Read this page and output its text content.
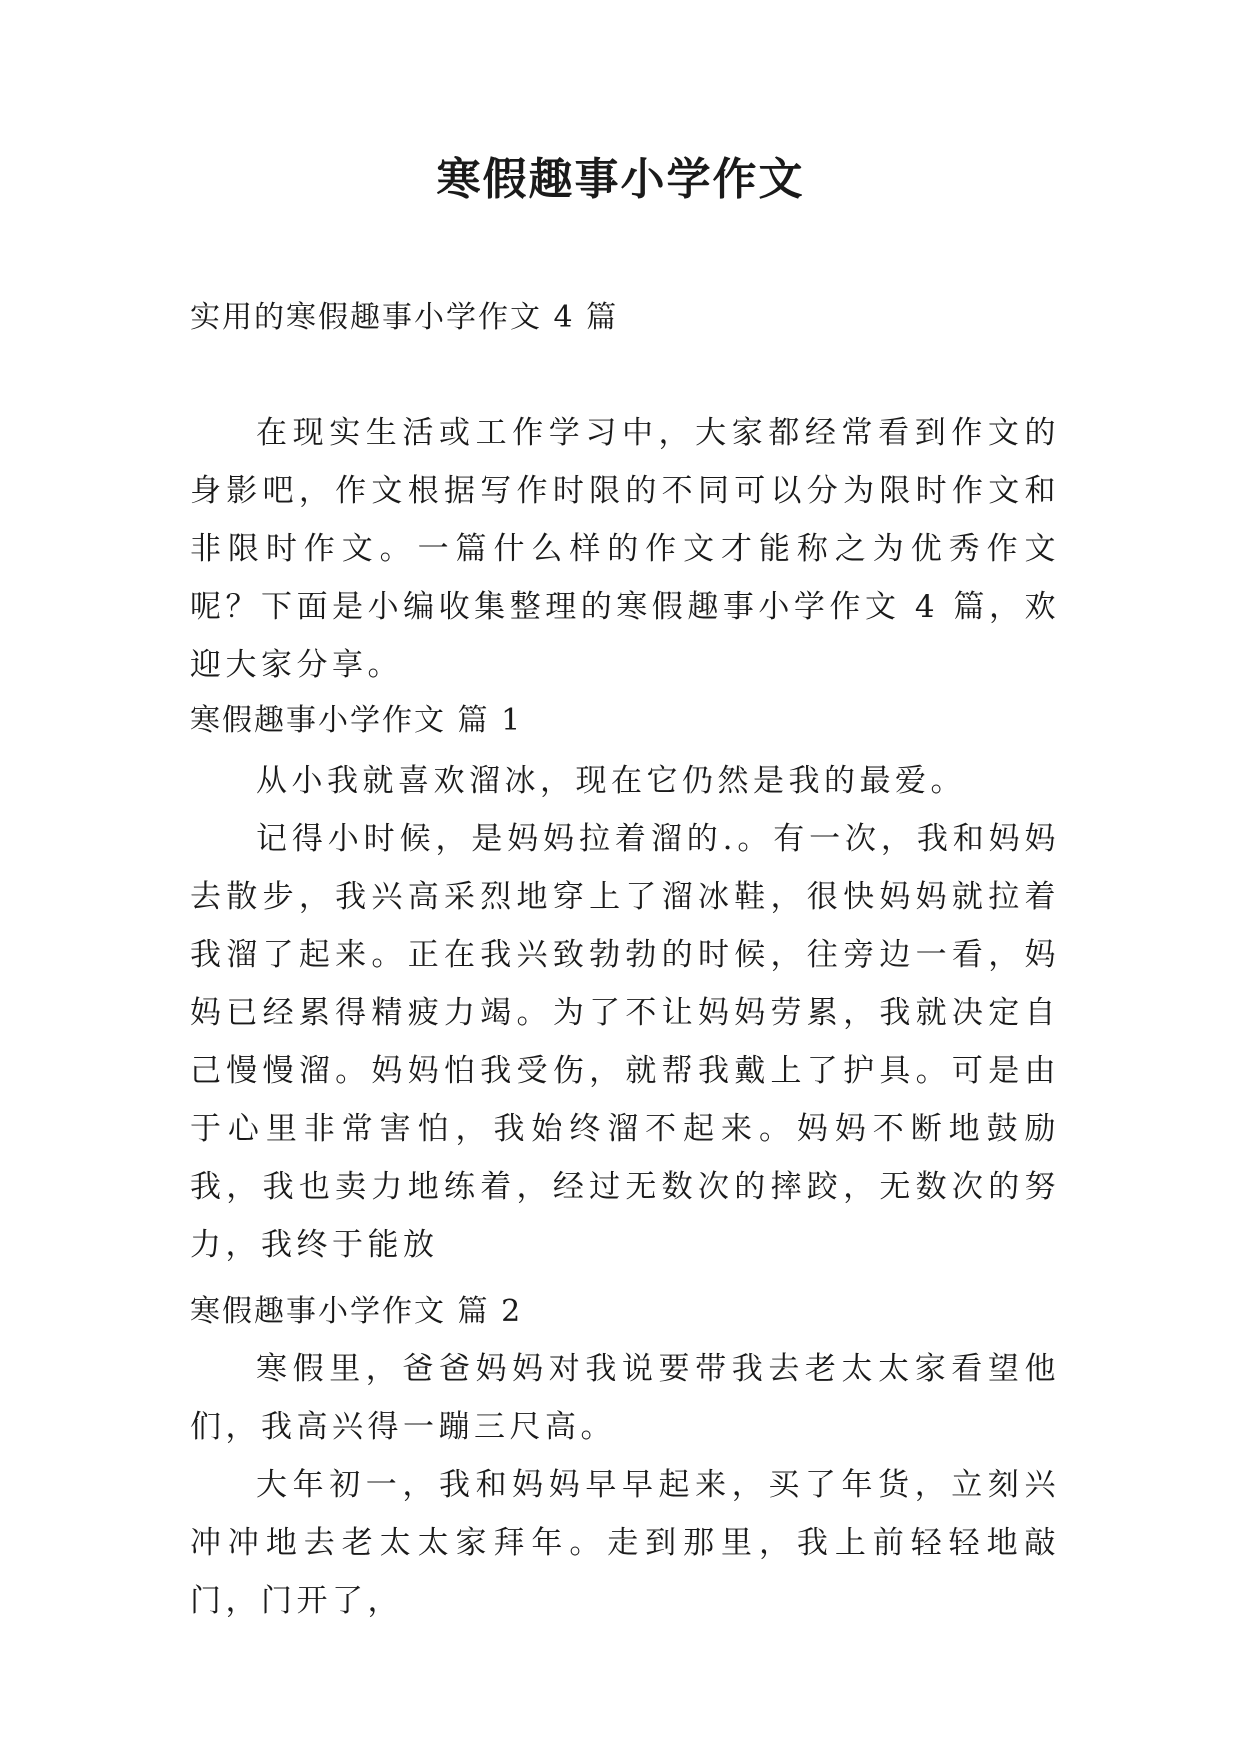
寒假趣事小学作文
实用的寒假趣事小学作文 4 篇

在现实生活或工作学习中，大家都经常看到作文的身影吧，作文根据写作时限的不同可以分为限时作文和非限时作文。一篇什么样的作文才能称之为优秀作文呢？下面是小编收集整理的寒假趣事小学作文 4 篇，欢迎大家分享。

寒假趣事小学作文 篇 1

从小我就喜欢溜冰，现在它仍然是我的最爱。

记得小时候，是妈妈拉着溜的.。有一次，我和妈妈去散步，我兴高采烈地穿上了溜冰鞋，很快妈妈就拉着我溜了起来。正在我兴致勃勃的时候，往旁边一看，妈妈已经累得精疲力竭。为了不让妈妈劳累，我就决定自己慢慢溜。妈妈怕我受伤，就帮我戴上了护具。可是由于心里非常害怕，我始终溜不起来。妈妈不断地鼓励我，我也卖力地练着，经过无数次的摔跤，无数次的努力，我终于能放

寒假趣事小学作文 篇 2

寒假里，爸爸妈妈对我说要带我去老太太家看望他们，我高兴得一蹦三尺高。

大年初一，我和妈妈早早起来，买了年货，立刻兴冲冲地去老太太家拜年。走到那里，我上前轻轻地敲门，门开了，
